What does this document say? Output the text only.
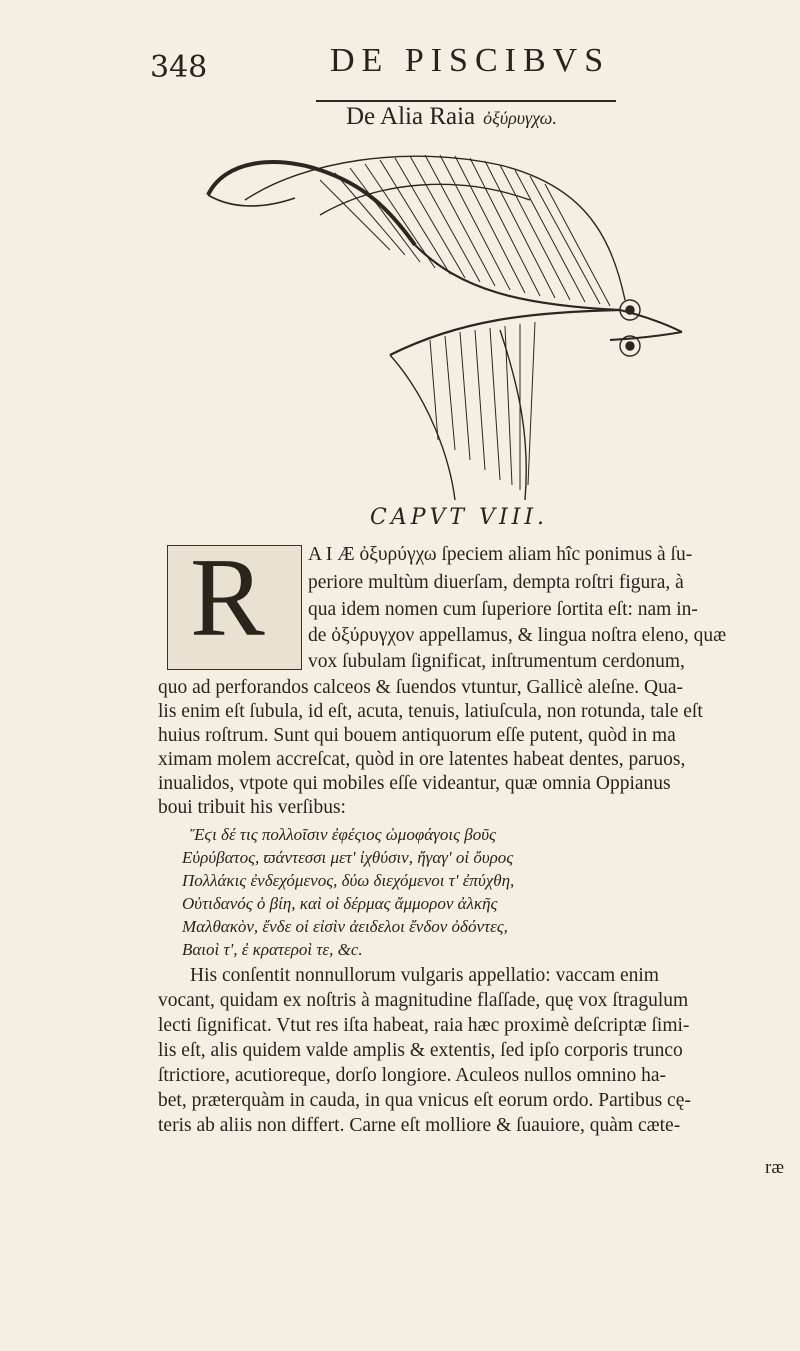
348	DE PISCIBVS
De Alia Raia ὀξύρυγχω.
CAPVT VIII.
R A I Æ ὀξυρύγχω ſpeciem aliam hîc ponimus à ſu-
periore multùm diuerſam, dempta roſtri figura, à
qua idem nomen cum ſuperiore ſortita eſt: nam in-
de ὀξύρυγχον appellamus, & lingua noſtra eleno, quæ
vox ſubulam ſignificat, inſtrumentum cerdonum,
quo ad perforandos calceos & ſuendos vtuntur, Gallicè aleſne. Qua-
lis enim eſt ſubula, id eſt, acuta, tenuis, latiuſcula, non rotunda, tale eſt
huius roſtrum. Sunt qui bouem antiquorum eſſe putent, quòd in ma
ximam molem accreſcat, quòd in ore latentes habeat dentes, paruos,
inualidos, vtpote qui mobiles eſſe videantur, quæ omnia Oppianus
boui tribuit his verſibus:
Ἔϛι δέ τις πολλοῖσιν ἐφέςιος ὠμοφάγοις βοῦς
Εὐρύβατος, ϖάντεσσι μετ' ἰχθύσιν, ἤγαγ' οἱ ὄυρος
Πολλάκις ἐνδεχόμενος, δύω διεχόμενοι τ' ἐπύχθη,
Οὐτιδανός ὁ βίη, καὶ οἱ δέρμας ἄμμορον ἀλκῆς
Μαλθακὸν, ἔνδε οἱ εἰσὶν ἀειδελοι ἔνδον ὀδόντες,
Βαιοὶ τ', ἐ κρατεροὶ τε, &c.
His conſentit nonnullorum vulgaris appellatio: vaccam enim
vocant, quidam ex noſtris à magnitudine flaſſade, quę vox ſtragulum
lecti ſignificat. Vtut res iſta habeat, raia hæc proximè deſcriptæ ſimi-
lis eſt, alis quidem valde amplis & extentis, ſed ipſo corporis trunco
ſtrictiore, acutioreque, dorſo longiore. Aculeos nullos omnino ha-
bet, præterquàm in cauda, in qua vnicus eſt eorum ordo. Partibus cę-
teris ab aliis non differt. Carne eſt molliore & ſuauiore, quàm cæte-
ræ
